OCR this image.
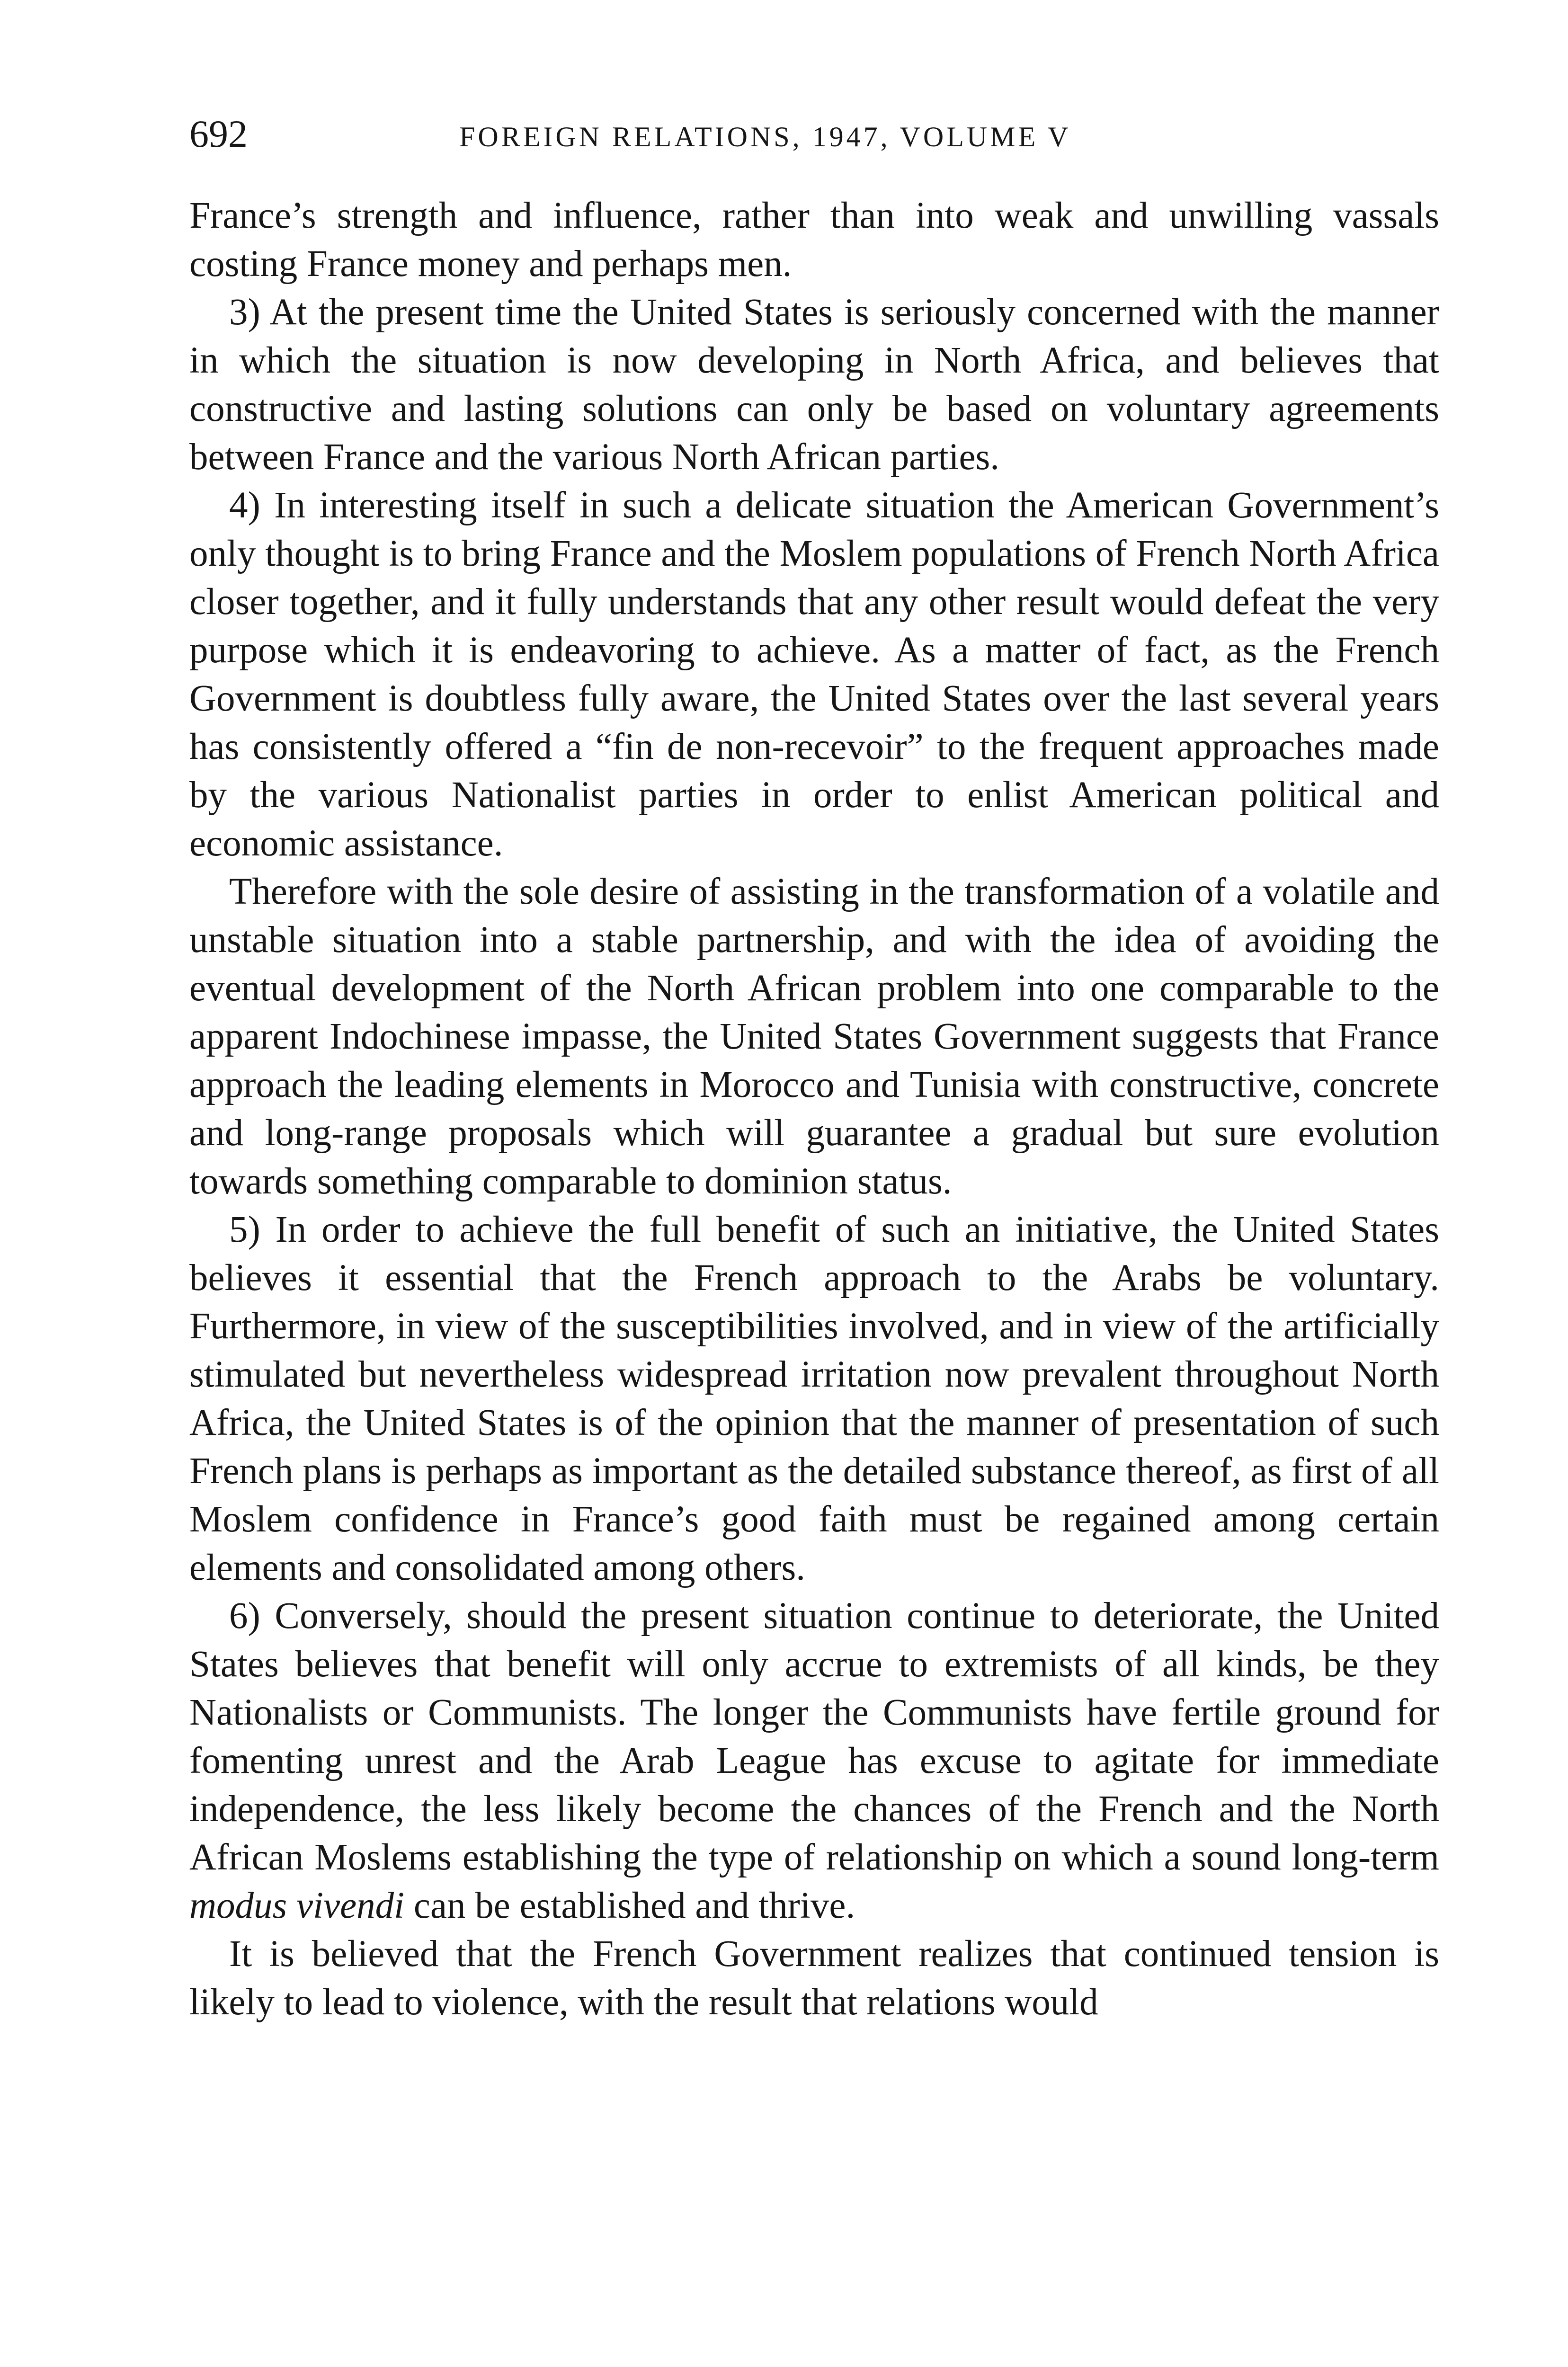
692	FOREIGN RELATIONS, 1947, VOLUME V

France’s strength and influence, rather than into weak and unwilling vassals costing France money and perhaps men.

3) At the present time the United States is seriously concerned with the manner in which the situation is now developing in North Africa, and believes that constructive and lasting solutions can only be based on voluntary agreements between France and the various North African parties.

4) In interesting itself in such a delicate situation the American Government’s only thought is to bring France and the Moslem populations of French North Africa closer together, and it fully understands that any other result would defeat the very purpose which it is endeavoring to achieve. As a matter of fact, as the French Government is doubtless fully aware, the United States over the last several years has consistently offered a “fin de non-recevoir” to the frequent approaches made by the various Nationalist parties in order to enlist American political and economic assistance.

Therefore with the sole desire of assisting in the transformation of a volatile and unstable situation into a stable partnership, and with the idea of avoiding the eventual development of the North African problem into one comparable to the apparent Indochinese impasse, the United States Government suggests that France approach the leading elements in Morocco and Tunisia with constructive, concrete and long-range proposals which will guarantee a gradual but sure evolution towards something comparable to dominion status.

5) In order to achieve the full benefit of such an initiative, the United States believes it essential that the French approach to the Arabs be voluntary. Furthermore, in view of the susceptibilities involved, and in view of the artificially stimulated but nevertheless widespread irritation now prevalent throughout North Africa, the United States is of the opinion that the manner of presentation of such French plans is perhaps as important as the detailed substance thereof, as first of all Moslem confidence in France’s good faith must be regained among certain elements and consolidated among others.

6) Conversely, should the present situation continue to deteriorate, the United States believes that benefit will only accrue to extremists of all kinds, be they Nationalists or Communists. The longer the Communists have fertile ground for fomenting unrest and the Arab League has excuse to agitate for immediate independence, the less likely become the chances of the French and the North African Moslems establishing the type of relationship on which a sound long-term modus vivendi can be established and thrive.

It is believed that the French Government realizes that continued tension is likely to lead to violence, with the result that relations would
